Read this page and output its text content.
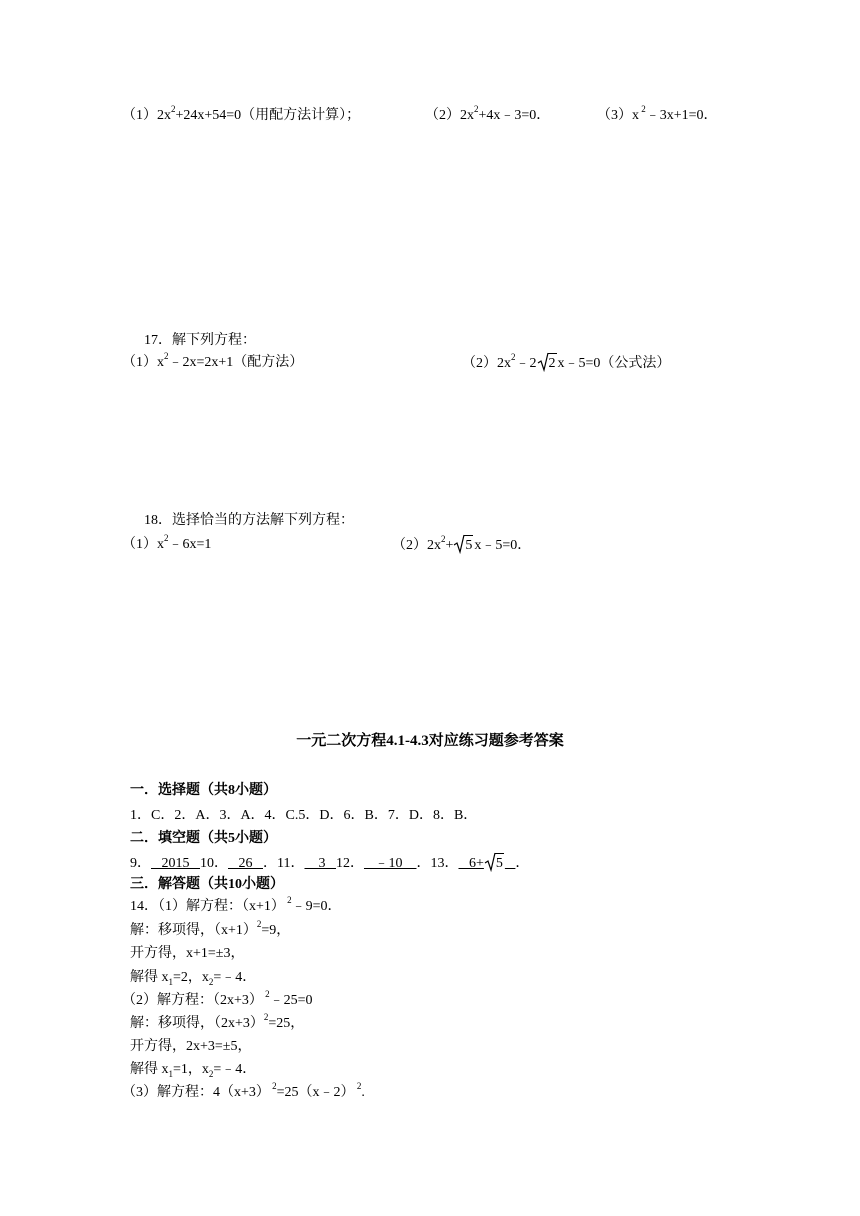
$(1)2x^2+24x+54=0$（用配方法计算）；	$(2)2x^2+4x﹣3=0$．	（3）x $^2$﹣3x+1=0．
17．解下列方程：
$(1)x^2﹣2x=2x+1$（配方法）	$(2)2x^2﹣2$ 2 x﹣5=0（公式法）
18．选择恰当的方法解下列方程：
$(1)x^2﹣6x=1$	$(2)2x^2+ 5$ x﹣5=0．
一元二次方程4.1-4.3对应练习题参考答案
一．选择题（共8小题）
1．C．2．A．3．A．4．C.5．D．6．B．7．D．8．B．
二．填空题（共5小题）
9．   2015   10．   26   ．11．    3   12．   ﹣10    ．13．   6+ 5 ．
三．解答题（共10小题）
14．（1）解方程：（x+1） $^2$﹣9=0．
解：移项得，$(x+1)^2=9$，
开方得，x+1=±3，
解得 $x_1=2$，$x_2=﹣4$．
（2）解方程：（2x+3） $^2$﹣25=0
解：移项得，$(2x+3)^2=25$，
开方得，2x+3=±5，
解得 $x_1=1$，$x_2=﹣4$．
（3）解方程：4（x+3） $^2$=25（x﹣2） $^2$.
